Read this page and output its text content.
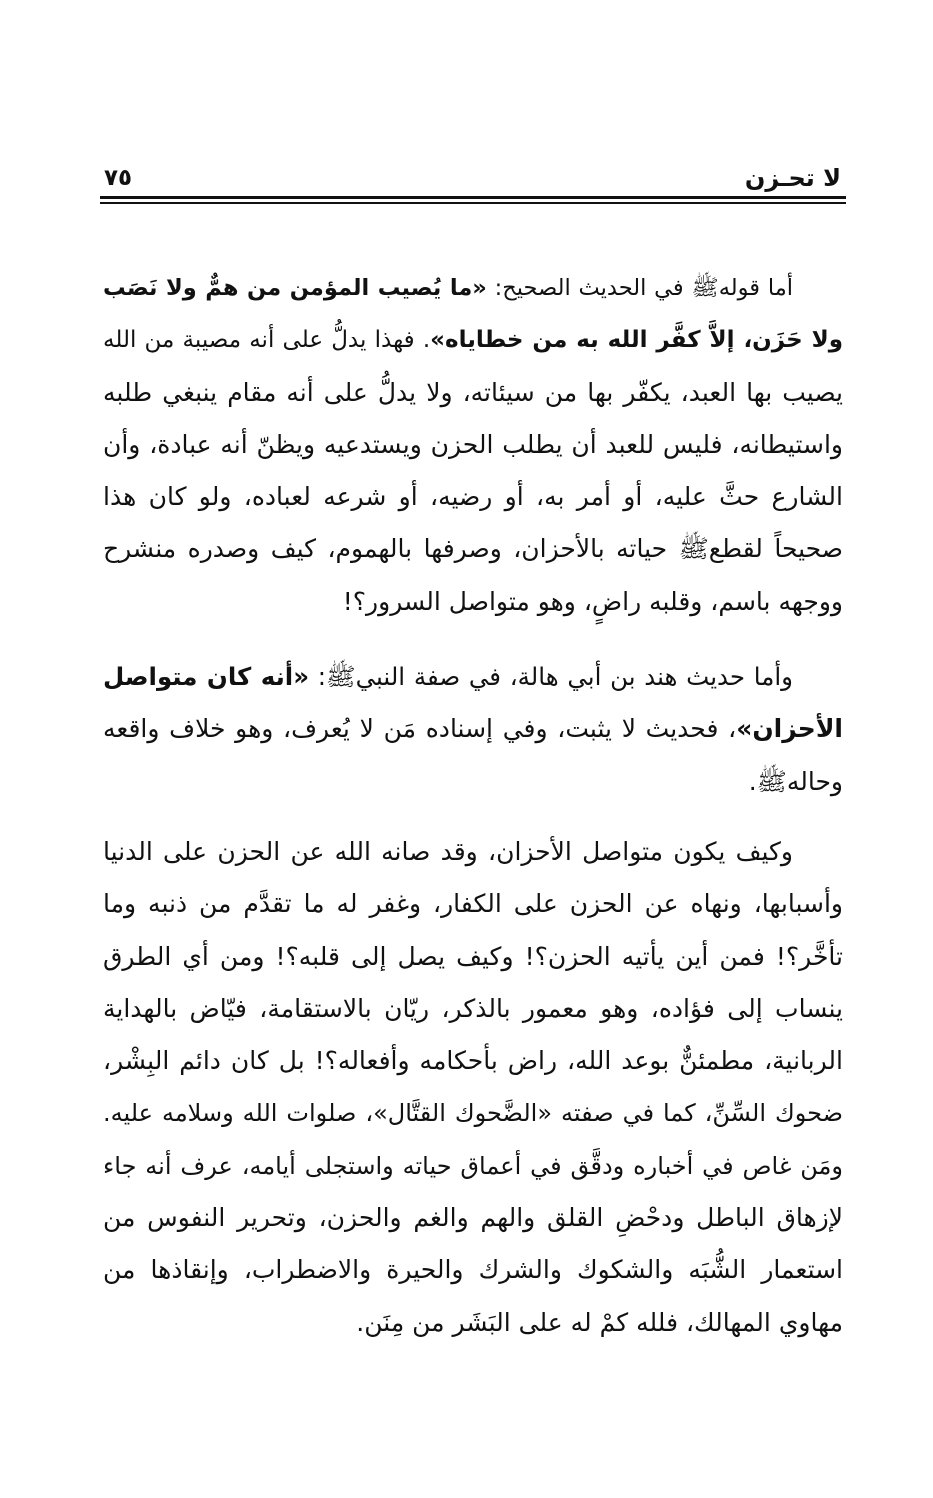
لا تحـزن
٧٥
أما قولهﷺ في الحديث الصحيح: «ما يُصيب المؤمن من همٌّ ولا نَصَب
ولا حَزَن، إلاَّ كفَّر الله به من خطاياه». فهذا يدلُّ على أنه مصيبة من الله
يصيب بها العبد، يكفّر بها من سيئاته، ولا يدلُّ على أنه مقام ينبغي طلبه
واستيطانه، فليس للعبد أن يطلب الحزن ويستدعيه ويظنّ أنه عبادة، وأن
الشارع حثَّ عليه، أو أمر به، أو رضيه، أو شرعه لعباده، ولو كان هذا
صحيحاً لقطعﷺ حياته بالأحزان، وصرفها بالهموم، كيف وصدره منشرح
ووجهه باسم، وقلبه راضٍ، وهو متواصل السرور؟!
وأما حديث هند بن أبي هالة، في صفة النبيﷺ: «أنه كان متواصل
الأحزان»، فحديث لا يثبت، وفي إسناده مَن لا يُعرف، وهو خلاف واقعه
وحالهﷺ.
وكيف يكون متواصل الأحزان، وقد صانه الله عن الحزن على الدنيا
وأسبابها، ونهاه عن الحزن على الكفار، وغفر له ما تقدَّم من ذنبه وما
تأخَّر؟! فمن أين يأتيه الحزن؟! وكيف يصل إلى قلبه؟! ومن أي الطرق
ينساب إلى فؤاده، وهو معمور بالذكر، ريّان بالاستقامة، فيّاض بالهداية
الربانية، مطمئنٌّ بوعد الله، راض بأحكامه وأفعاله؟! بل كان دائم البِشْر،
ضحوك السِّنِّ، كما في صفته «الضَّحوك القتَّال»، صلوات الله وسلامه عليه.
ومَن غاص في أخباره ودقَّق في أعماق حياته واستجلى أيامه، عرف أنه جاء
لإزهاق الباطل ودحْضِ القلق والهم والغم والحزن، وتحرير النفوس من
استعمار الشُّبَه والشكوك والشرك والحيرة والاضطراب، وإنقاذها من
مهاوي المهالك، فلله كمْ له على البَشَر من مِنَن.
